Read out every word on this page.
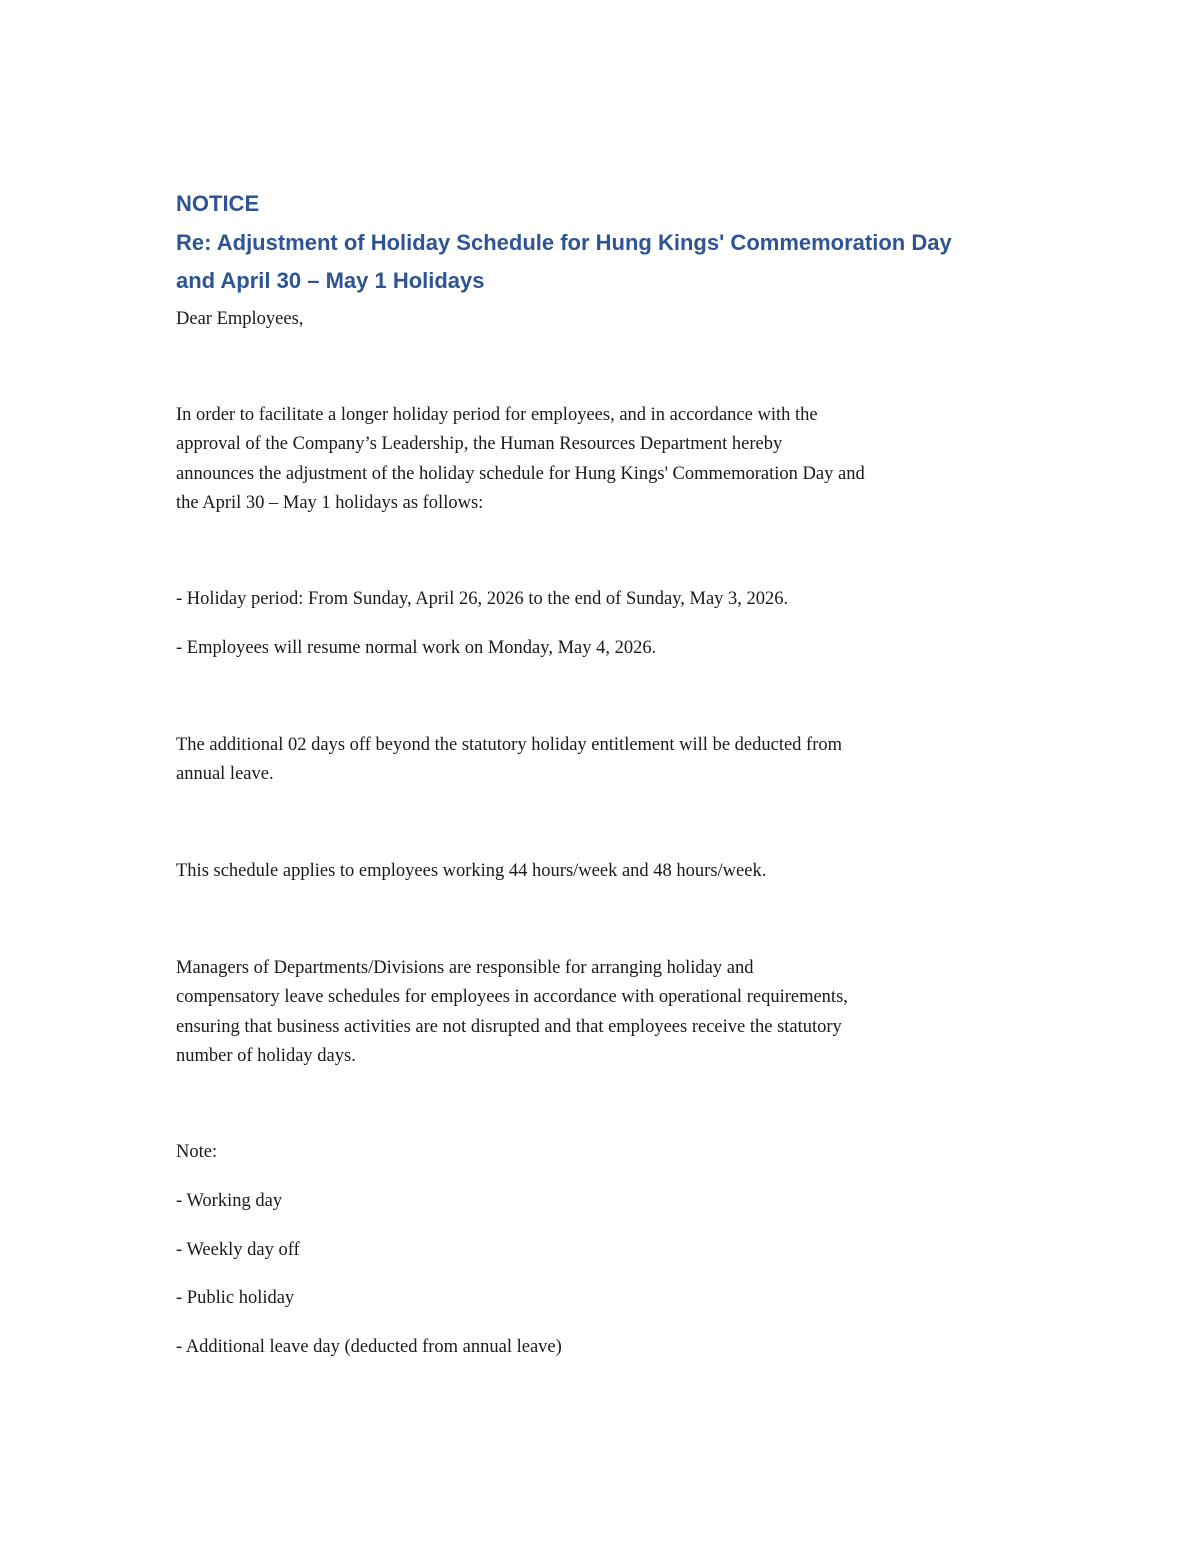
NOTICE

Re: Adjustment of Holiday Schedule for Hung Kings' Commemoration Day

and April 30 – May 1 Holidays

Dear Employees,

In order to facilitate a longer holiday period for employees, and in accordance with the

approval of the Company’s Leadership, the Human Resources Department hereby

announces the adjustment of the holiday schedule for Hung Kings' Commemoration Day and

the April 30 – May 1 holidays as follows:

- Holiday period: From Sunday, April 26, 2026 to the end of Sunday, May 3, 2026.

- Employees will resume normal work on Monday, May 4, 2026.

The additional 02 days off beyond the statutory holiday entitlement will be deducted from

annual leave.

This schedule applies to employees working 44 hours/week and 48 hours/week.

Managers of Departments/Divisions are responsible for arranging holiday and

compensatory leave schedules for employees in accordance with operational requirements,

ensuring that business activities are not disrupted and that employees receive the statutory

number of holiday days.

Note:

- Working day

- Weekly day off

- Public holiday

- Additional leave day (deducted from annual leave)
